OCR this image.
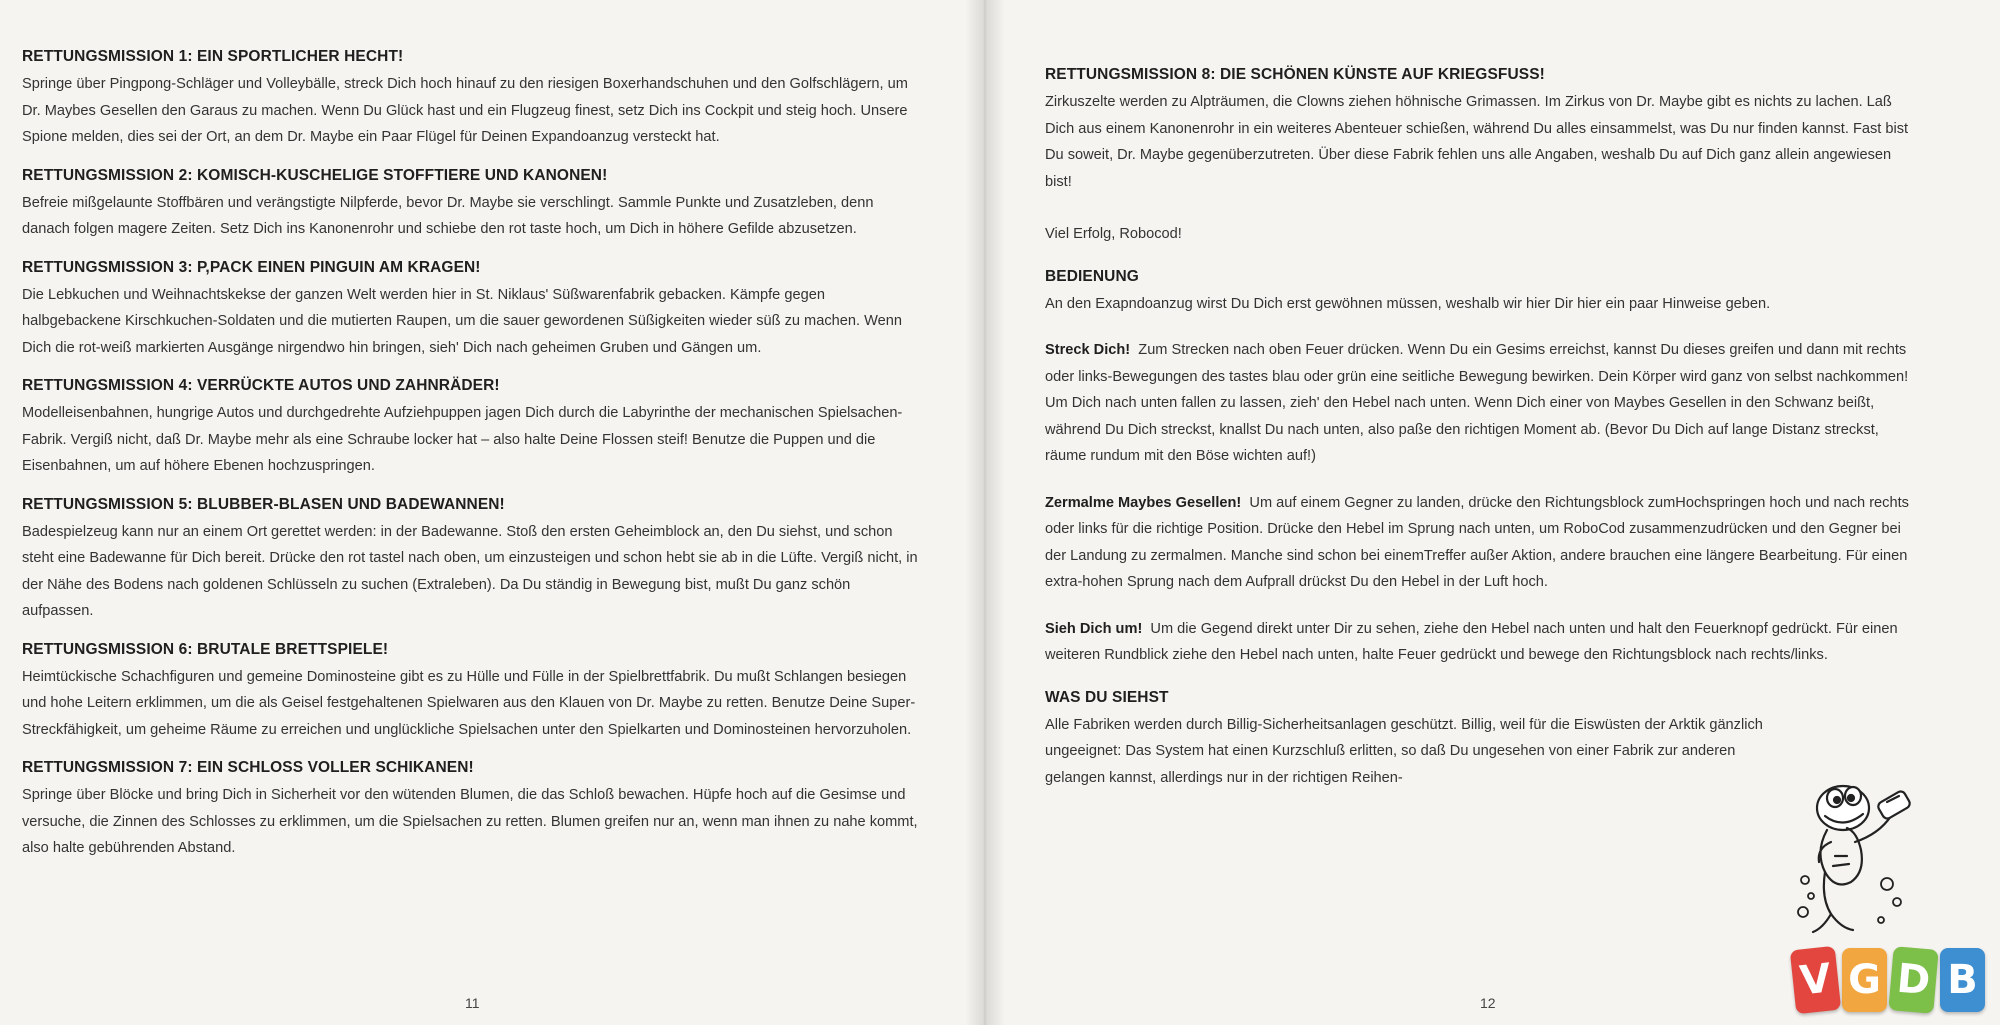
RETTUNGSMISSION 1: EIN SPORTLICHER HECHT!

Springe über Pingpong-Schläger und Volleybälle, streck Dich hoch hinauf zu den riesigen Boxerhandschuhen und den Golfschlägern, um Dr. Maybes Gesellen den Garaus zu machen. Wenn Du Glück hast und ein Flugzeug finest, setz Dich ins Cockpit und steig hoch. Unsere Spione melden, dies sei der Ort, an dem Dr. Maybe ein Paar Flügel für Deinen Expandoanzug versteckt hat.

RETTUNGSMISSION 2: KOMISCH-KUSCHELIGE STOFFTIERE UND KANONEN!

Befreie mißgelaunte Stoffbären und verängstigte Nilpferde, bevor Dr. Maybe sie verschlingt. Sammle Punkte und Zusatzleben, denn danach folgen magere Zeiten. Setz Dich ins Kanonenrohr und schiebe den rot taste hoch, um Dich in höhere Gefilde abzusetzen.

RETTUNGSMISSION 3: P,PACK EINEN PINGUIN AM KRAGEN!

Die Lebkuchen und Weihnachtskekse der ganzen Welt werden hier in St. Niklaus' Süßwarenfabrik gebacken. Kämpfe gegen halbgebackene Kirschkuchen-Soldaten und die mutierten Raupen, um die sauer gewordenen Süßigkeiten wieder süß zu machen. Wenn Dich die rot-weiß markierten Ausgänge nirgendwo hin bringen, sieh' Dich nach geheimen Gruben und Gängen um.

RETTUNGSMISSION 4: VERRÜCKTE AUTOS UND ZAHNRÄDER!

Modelleisenbahnen, hungrige Autos und durchgedrehte Aufziehpuppen jagen Dich durch die Labyrinthe der mechanischen Spielsachen-Fabrik. Vergiß nicht, daß Dr. Maybe mehr als eine Schraube locker hat – also halte Deine Flossen steif! Benutze die Puppen und die Eisenbahnen, um auf höhere Ebenen hochzuspringen.

RETTUNGSMISSION 5: BLUBBER-BLASEN UND BADEWANNEN!

Badespielzeug kann nur an einem Ort gerettet werden: in der Badewanne. Stoß den ersten Geheimblock an, den Du siehst, und schon steht eine Badewanne für Dich bereit. Drücke den rot tastel nach oben, um einzusteigen und schon hebt sie ab in die Lüfte. Vergiß nicht, in der Nähe des Bodens nach goldenen Schlüsseln zu suchen (Extraleben). Da Du ständig in Bewegung bist, mußt Du ganz schön aufpassen.

RETTUNGSMISSION 6: BRUTALE BRETTSPIELE!

Heimtückische Schachfiguren und gemeine Dominosteine gibt es zu Hülle und Fülle in der Spielbrettfabrik. Du mußt Schlangen besiegen und hohe Leitern erklimmen, um die als Geisel festgehaltenen Spielwaren aus den Klauen von Dr. Maybe zu retten. Benutze Deine Super-Streckfähigkeit, um geheime Räume zu erreichen und unglückliche Spielsachen unter den Spielkarten und Dominosteinen hervorzuholen.

RETTUNGSMISSION 7: EIN SCHLOSS VOLLER SCHIKANEN!

Springe über Blöcke und bring Dich in Sicherheit vor den wütenden Blumen, die das Schloß bewachen. Hüpfe hoch auf die Gesimse und versuche, die Zinnen des Schlosses zu erklimmen, um die Spielsachen zu retten. Blumen greifen nur an, wenn man ihnen zu nahe kommt, also halte gebührenden Abstand.

11

RETTUNGSMISSION 8: DIE SCHÖNEN KÜNSTE AUF KRIEGSFUSS!

Zirkuszelte werden zu Alpträumen, die Clowns ziehen höhnische Grimassen. Im Zirkus von Dr. Maybe gibt es nichts zu lachen. Laß Dich aus einem Kanonenrohr in ein weiteres Abenteuer schießen, während Du alles einsammelst, was Du nur finden kannst. Fast bist Du soweit, Dr. Maybe gegenüberzutreten. Über diese Fabrik fehlen uns alle Angaben, weshalb Du auf Dich ganz allein angewiesen bist!

Viel Erfolg, Robocod!

BEDIENUNG

An den Exapndoanzug wirst Du Dich erst gewöhnen müssen, weshalb wir hier Dir hier ein paar Hinweise geben.

Streck Dich! Zum Strecken nach oben Feuer drücken. Wenn Du ein Gesims erreichst, kannst Du dieses greifen und dann mit rechts oder links-Bewegungen des tastes blau oder grün eine seitliche Bewegung bewirken. Dein Körper wird ganz von selbst nachkommen! Um Dich nach unten fallen zu lassen, zieh' den Hebel nach unten. Wenn Dich einer von Maybes Gesellen in den Schwanz beißt, während Du Dich streckst, knallst Du nach unten, also paße den richtigen Moment ab. (Bevor Du Dich auf lange Distanz streckst, räume rundum mit den Böse wichten auf!)

Zermalme Maybes Gesellen! Um auf einem Gegner zu landen, drücke den Richtungsblock zumHochspringen hoch und nach rechts oder links für die richtige Position. Drücke den Hebel im Sprung nach unten, um RoboCod zusammenzudrücken und den Gegner bei der Landung zu zermalmen. Manche sind schon bei einemTreffer außer Aktion, andere brauchen eine längere Bearbeitung. Für einen extra-hohen Sprung nach dem Aufprall drückst Du den Hebel in der Luft hoch.

Sieh Dich um! Um die Gegend direkt unter Dir zu sehen, ziehe den Hebel nach unten und halt den Feuerknopf gedrückt. Für einen weiteren Rundblick ziehe den Hebel nach unten, halte Feuer gedrückt und bewege den Richtungsblock nach rechts/links.

WAS DU SIEHST

Alle Fabriken werden durch Billig-Sicherheitsanlagen geschützt. Billig, weil für die Eiswüsten der Arktik gänzlich ungeeignet: Das System hat einen Kurzschluß erlitten, so daß Du ungesehen von einer Fabrik zur anderen gelangen kannst, allerdings nur in der richtigen Reihen-

12	V G D B
